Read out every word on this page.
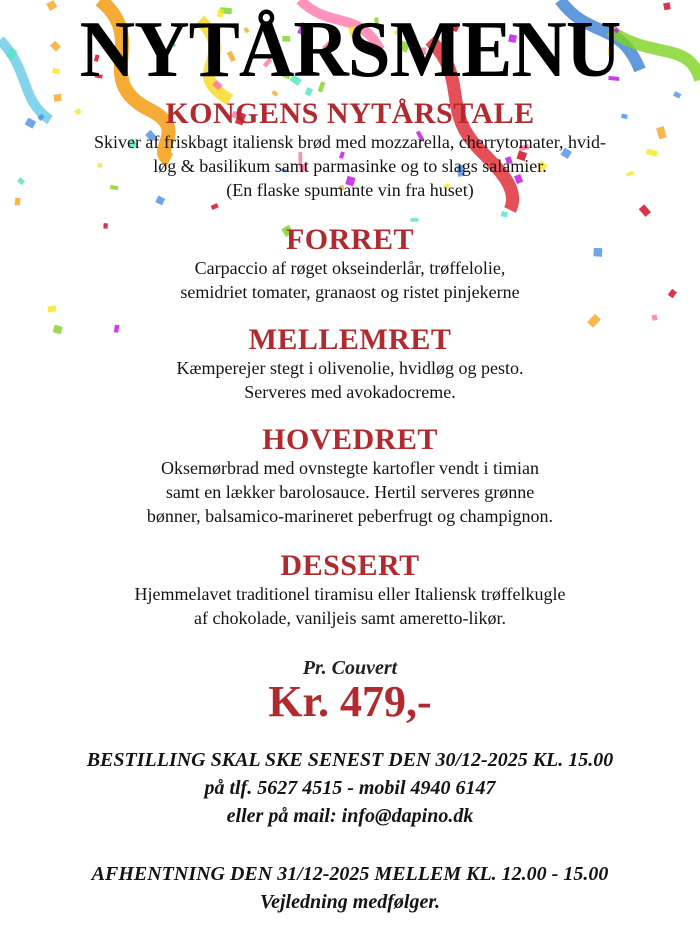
NYTÅRSMENU
KONGENS NYTÅRSTALE
Skiver af friskbagt italiensk brød med mozzarella, cherrytomater, hvid-
løg & basilikum samt parmasinke og to slags salamier.
(En flaske spumante vin fra huset)
FORRET
Carpaccio af røget okseinderlår, trøffelolie,
semidriet tomater, granaost og ristet pinjekerne
MELLEMRET
Kæmperejer stegt i olivenolie, hvidløg og pesto.
Serveres med avokadocreme.
HOVEDRET
Oksemørbrad med ovnstegte kartofler vendt i timian
samt en lækker barolosauce. Hertil serveres grønne
bønner, balsamico-marineret peberfrugt og champignon.
DESSERT
Hjemmelavet traditionel tiramisu eller Italiensk trøffelkugle
af chokolade, vaniljeis samt ameretto-likør.
Pr. Couvert
Kr. 479,-
BESTILLING SKAL SKE SENEST DEN 30/12-2025 KL. 15.00
på tlf. 5627 4515 - mobil 4940 6147
eller på mail: info@dapino.dk
AFHENTNING DEN 31/12-2025 MELLEM KL. 12.00 - 15.00
Vejledning medfølger.
